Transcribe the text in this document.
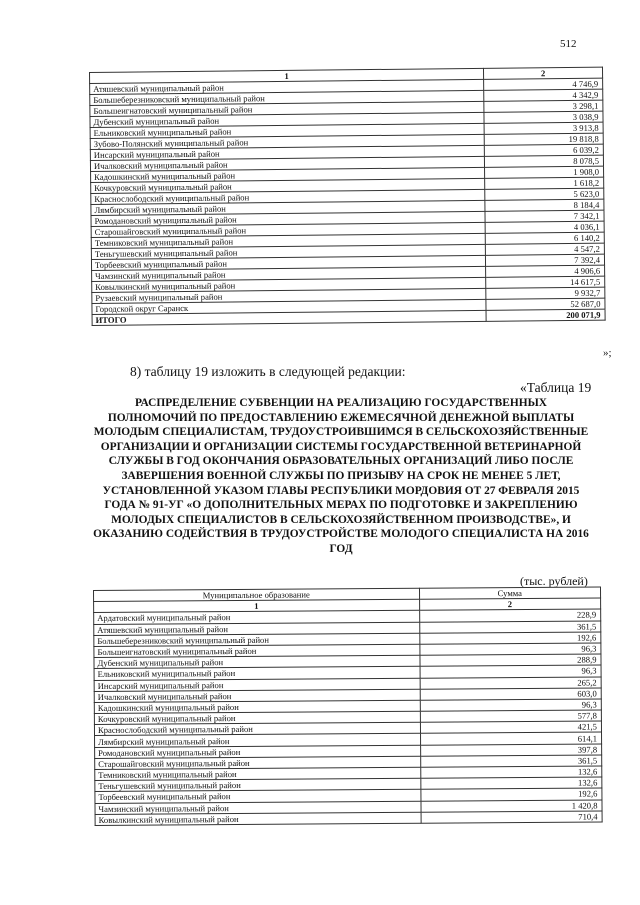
512
1	2
Атяшевский муниципальный район	4 746,9
Большеберезниковский муниципальный район	4 342,9
Большеигнатовский муниципальный район	3 298,1
Дубенский муниципальный район	3 038,9
Ельниковский муниципальный район	3 913,8
Зубово-Полянский муниципальный район	19 818,8
Инсарский муниципальный район	6 039,2
Ичалковский муниципальный район	8 078,5
Кадошкинский муниципальный район	1 908,0
Кочкуровский муниципальный район	1 618,2
Краснослободский муниципальный район	5 623,0
Лямбирский муниципальный район	8 184,4
Ромодановский муниципальный район	7 342,1
Старошайговский муниципальный район	4 036,1
Темниковский муниципальный район	6 140,2
Теньгушевский муниципальный район	4 547,2
Торбеевский муниципальный район	7 392,4
Чамзинский муниципальный район	4 906,6
Ковылкинский муниципальный район	14 617,5
Рузаевский муниципальный район	9 932,7
Городской округ Саранск	52 687,0
ИТОГО	200 071,9
»;
8) таблицу 19 изложить в следующей редакции:
«Таблица 19
РАСПРЕДЕЛЕНИЕ СУБВЕНЦИИ НА РЕАЛИЗАЦИЮ ГОСУДАРСТВЕННЫХ ПОЛНОМОЧИЙ ПО ПРЕДОСТАВЛЕНИЮ ЕЖЕМЕСЯЧНОЙ ДЕНЕЖНОЙ ВЫПЛАТЫ МОЛОДЫМ СПЕЦИАЛИСТАМ, ТРУДОУСТРОИВШИМСЯ В СЕЛЬСКОХОЗЯЙСТВЕННЫЕ ОРГАНИЗАЦИИ И ОРГАНИЗАЦИИ СИСТЕМЫ ГОСУДАРСТВЕННОЙ ВЕТЕРИНАРНОЙ СЛУЖБЫ В ГОД ОКОНЧАНИЯ ОБРАЗОВАТЕЛЬНЫХ ОРГАНИЗАЦИЙ ЛИБО ПОСЛЕ ЗАВЕРШЕНИЯ ВОЕННОЙ СЛУЖБЫ ПО ПРИЗЫВУ НА СРОК НЕ МЕНЕЕ 5 ЛЕТ, УСТАНОВЛЕННОЙ УКАЗОМ ГЛАВЫ РЕСПУБЛИКИ МОРДОВИЯ ОТ 27 ФЕВРАЛЯ 2015 ГОДА № 91-УГ «О ДОПОЛНИТЕЛЬНЫХ МЕРАХ ПО ПОДГОТОВКЕ И ЗАКРЕПЛЕНИЮ МОЛОДЫХ СПЕЦИАЛИСТОВ В СЕЛЬСКОХОЗЯЙСТВЕННОМ ПРОИЗВОДСТВЕ», И ОКАЗАНИЮ СОДЕЙСТВИЯ В ТРУДОУСТРОЙСТВЕ МОЛОДОГО СПЕЦИАЛИСТА НА 2016 ГОД
(тыс. рублей)
Муниципальное образование	Сумма
1	2
Ардатовский муниципальный район	228,9
Атяшевский муниципальный район	361,5
Большеберезниковский муниципальный район	192,6
Большеигнатовский муниципальный район	96,3
Дубенский муниципальный район	288,9
Ельниковский муниципальный район	96,3
Инсарский муниципальный район	265,2
Ичалковский муниципальный район	603,0
Кадошкинский муниципальный район	96,3
Кочкуровский муниципальный район	577,8
Краснослободский муниципальный район	421,5
Лямбирский муниципальный район	614,1
Ромодановский муниципальный район	397,8
Старошайговский муниципальный район	361,5
Темниковский муниципальный район	132,6
Теньгушевский муниципальный район	132,6
Торбеевский муниципальный район	192,6
Чамзинский муниципальный район	1 420,8
Ковылкинский муниципальный район	710,4
